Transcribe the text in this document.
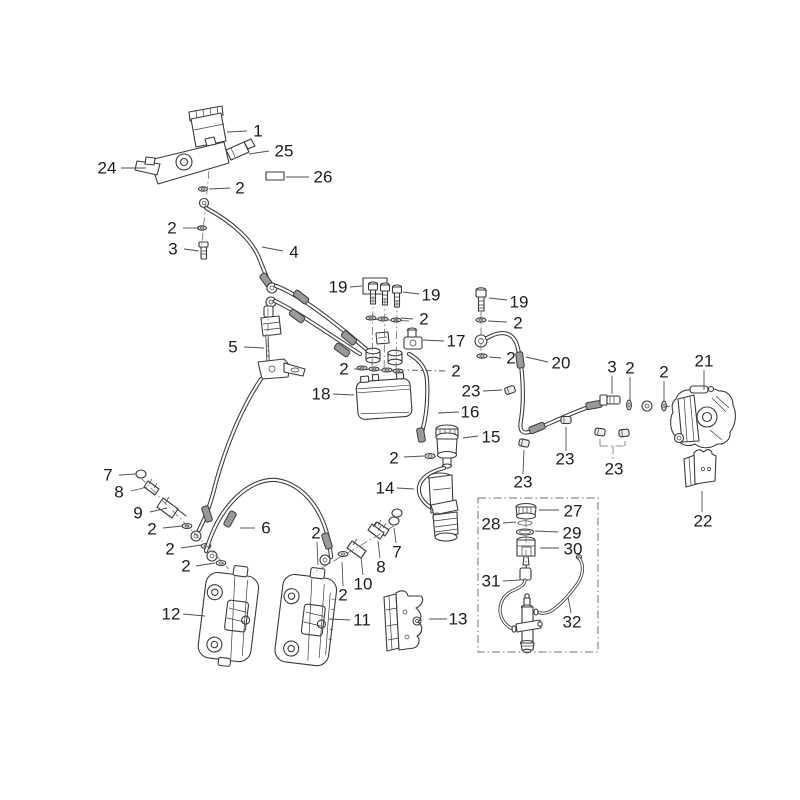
1
25
24	26
2
2
3	4
19	19	19
2	2
17
5
2 20 3 2 2
21
2	2
23
18
16
15
2	23
23
7	23
14
8
9	27
28
2	6	29
2
30
2	7
2	8
31
10
2
12	13
11	32
22
